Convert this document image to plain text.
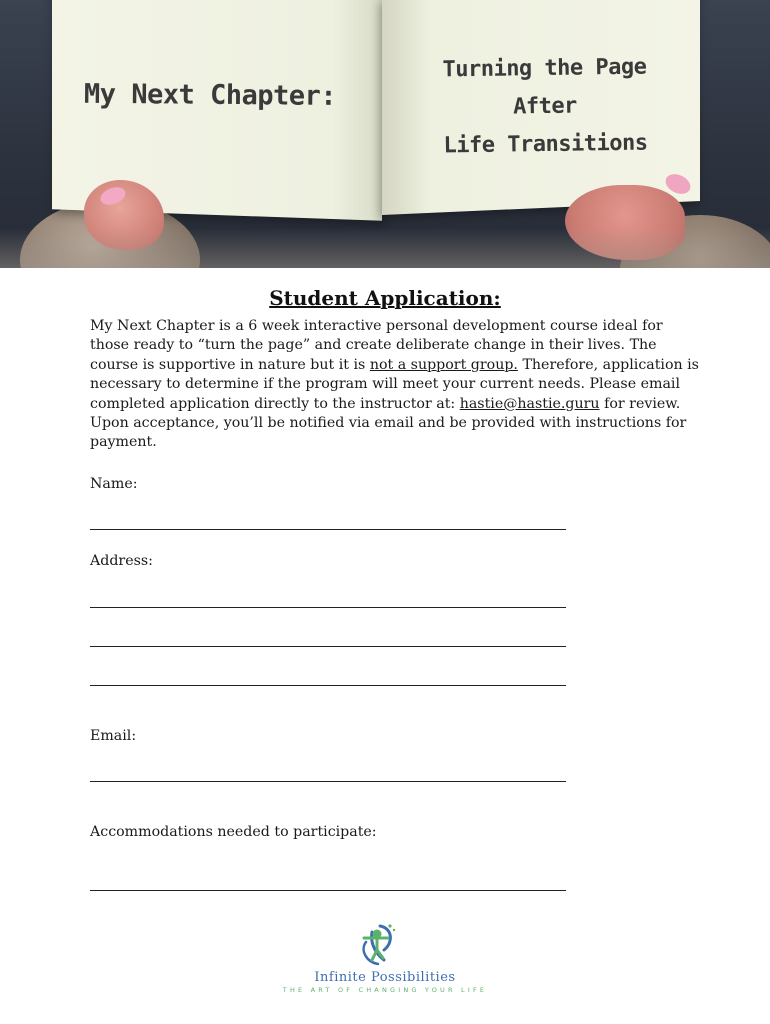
My Next Chapter:
Turning the Page
After
Life Transitions
Student Application:

My Next Chapter is a 6 week interactive personal development course ideal for those ready to “turn the page” and create deliberate change in their lives. The course is supportive in nature but it is not a support group. Therefore, application is necessary to determine if the program will meet your current needs. Please email completed application directly to the instructor at: hastie@hastie.guru for review. Upon acceptance, you’ll be notified via email and be provided with instructions for payment.

Name:
Address:
Email:
Accommodations needed to participate:
Infinite Possibilities
THE ART OF CHANGING YOUR LIFE
